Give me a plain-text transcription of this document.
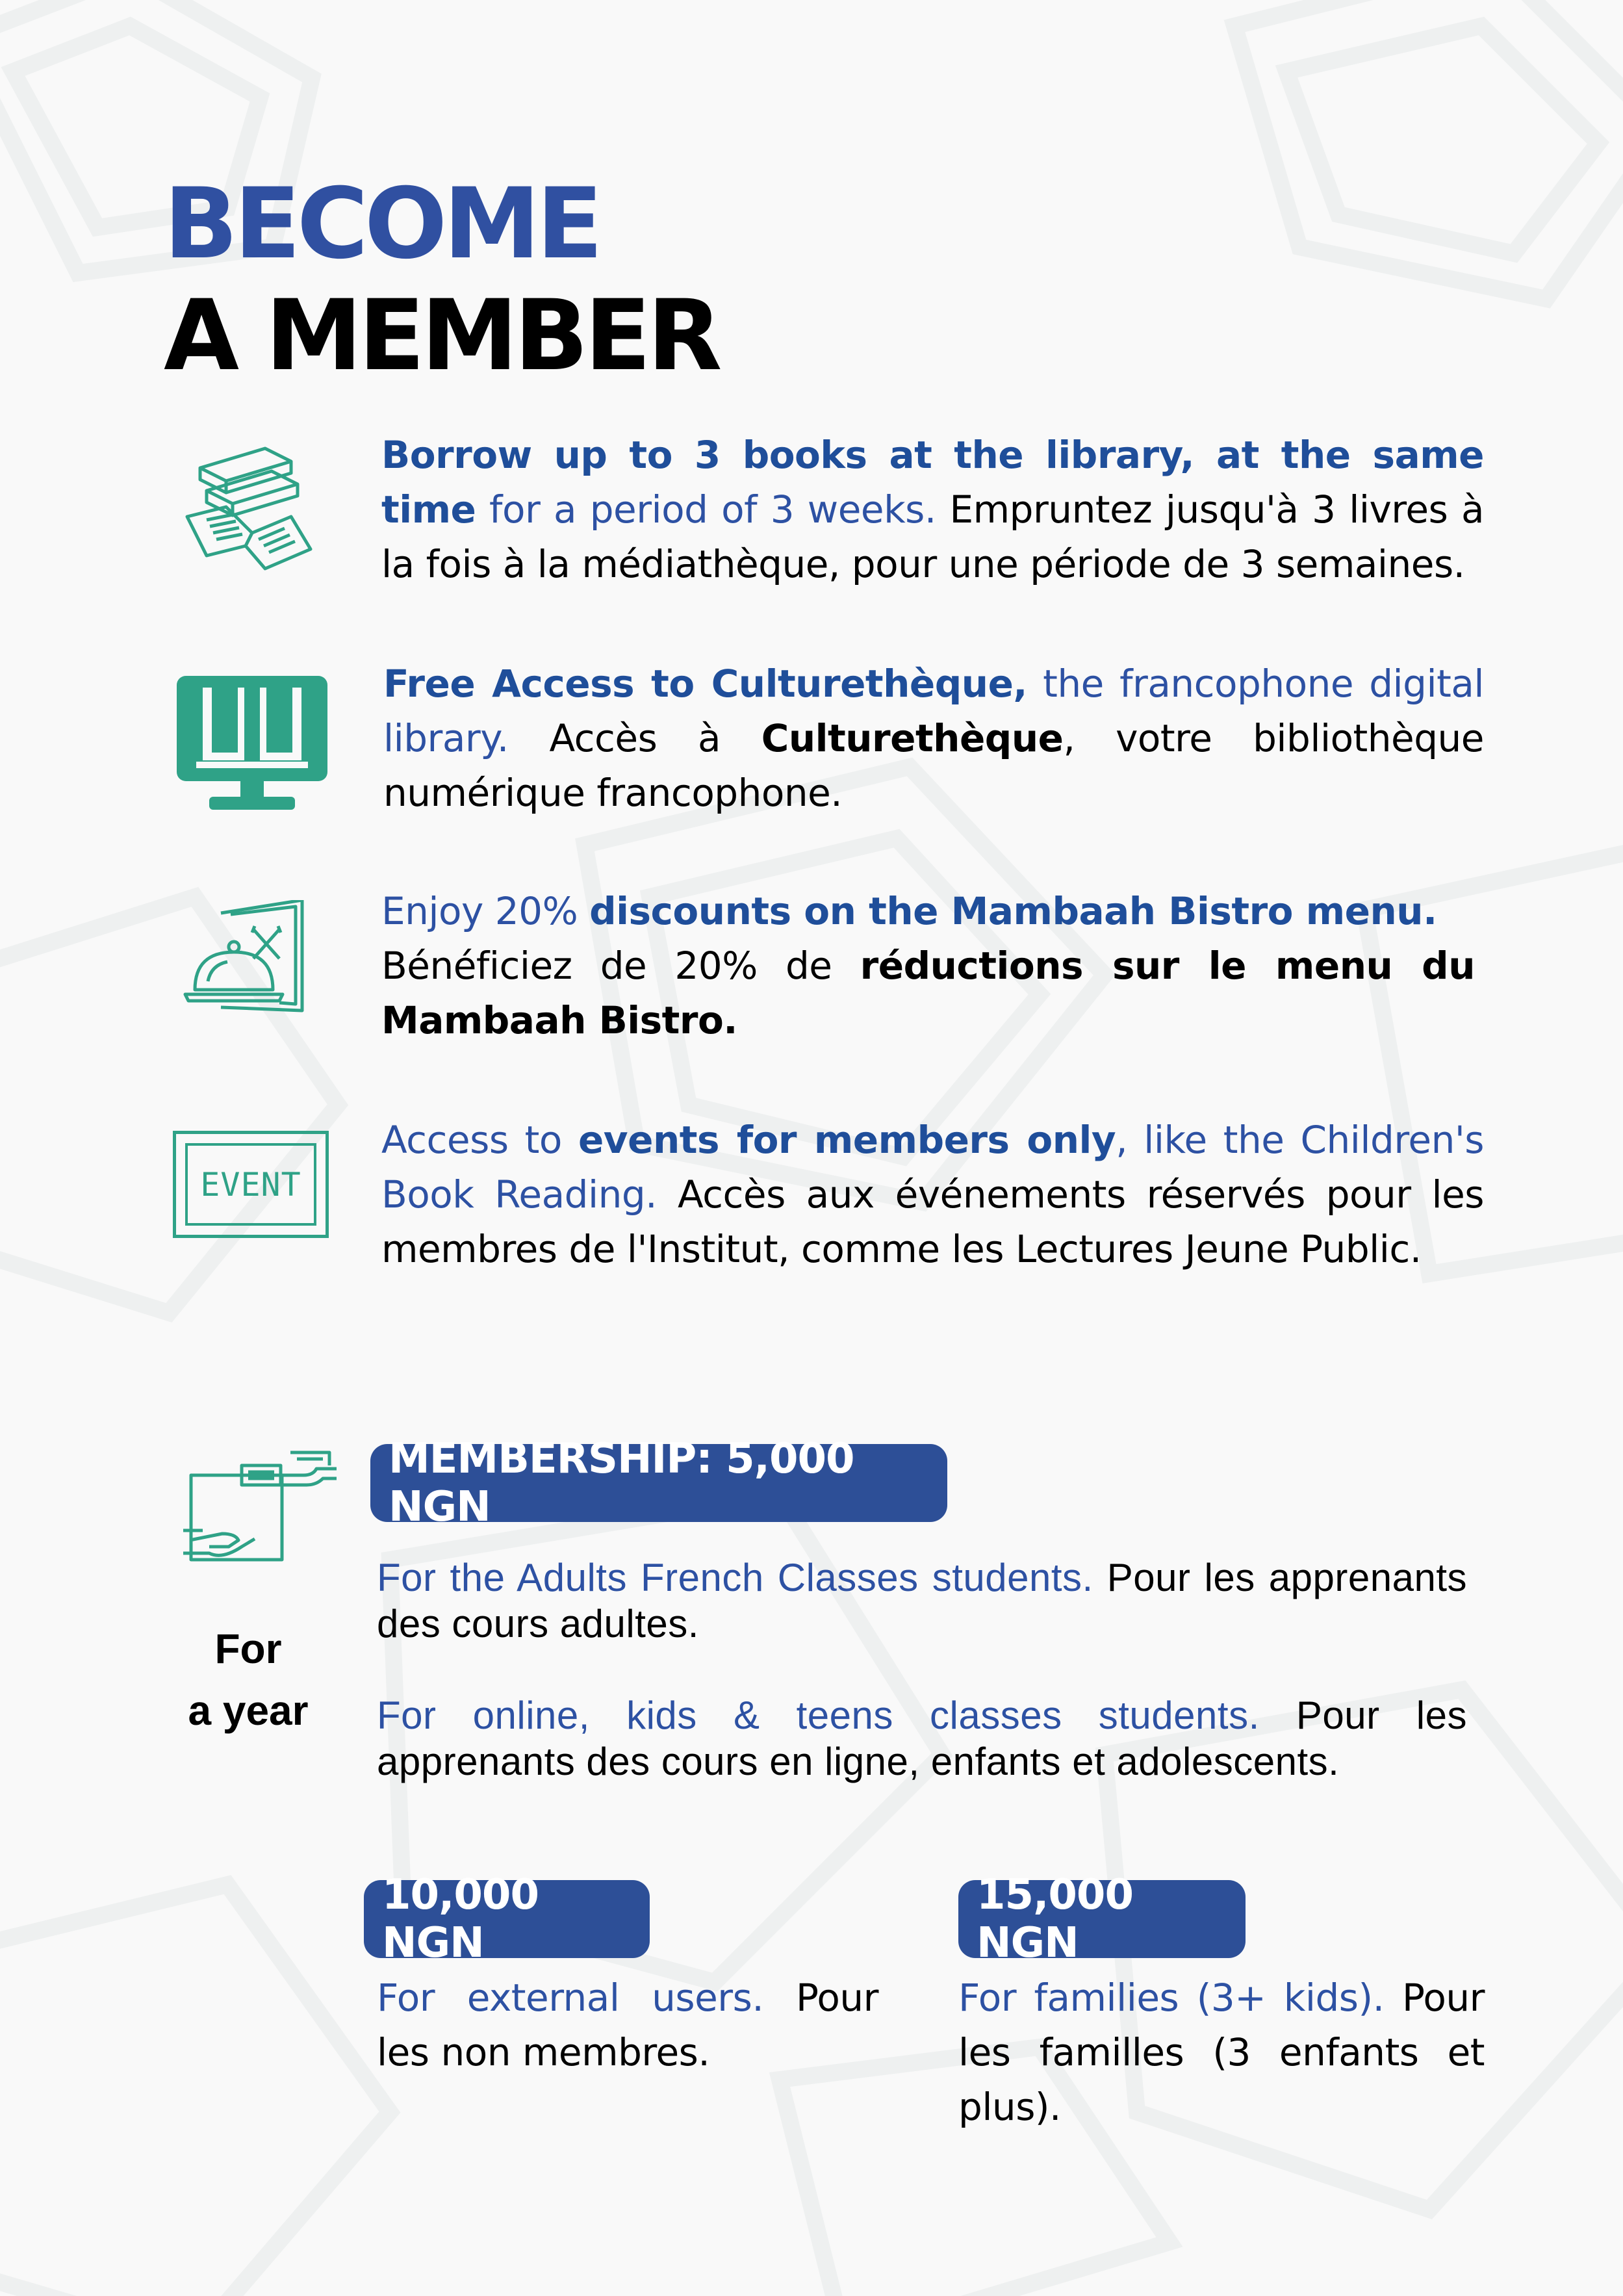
BECOME
A MEMBER
Borrow up to 3 books at the library, at the same time for a period of 3 weeks. Empruntez jusqu'à 3 livres à la fois à la médiathèque, pour une période de 3 semaines.
Free Access to Culturethèque, the francophone digital library. Accès à Culturethèque, votre bibliothèque numérique francophone.
Enjoy 20% discounts on the Mambaah Bistro menu.
Bénéficiez de 20% de réductions sur le menu du Mambaah Bistro.
EVENT
Access to events for members only, like the Children's Book Reading. Accès aux événements réservés pour les membres de l'Institut, comme les Lectures Jeune Public.
For
a year
MEMBERSHIP: 5,000 NGN
For the Adults French Classes students. Pour les apprenants des cours adultes.
For online, kids & teens classes students. Pour les apprenants des cours en ligne, enfants et adolescents.
10,000 NGN
15,000 NGN
For external users. Pour les non membres.
For families (3+ kids). Pour les familles (3 enfants et plus).
